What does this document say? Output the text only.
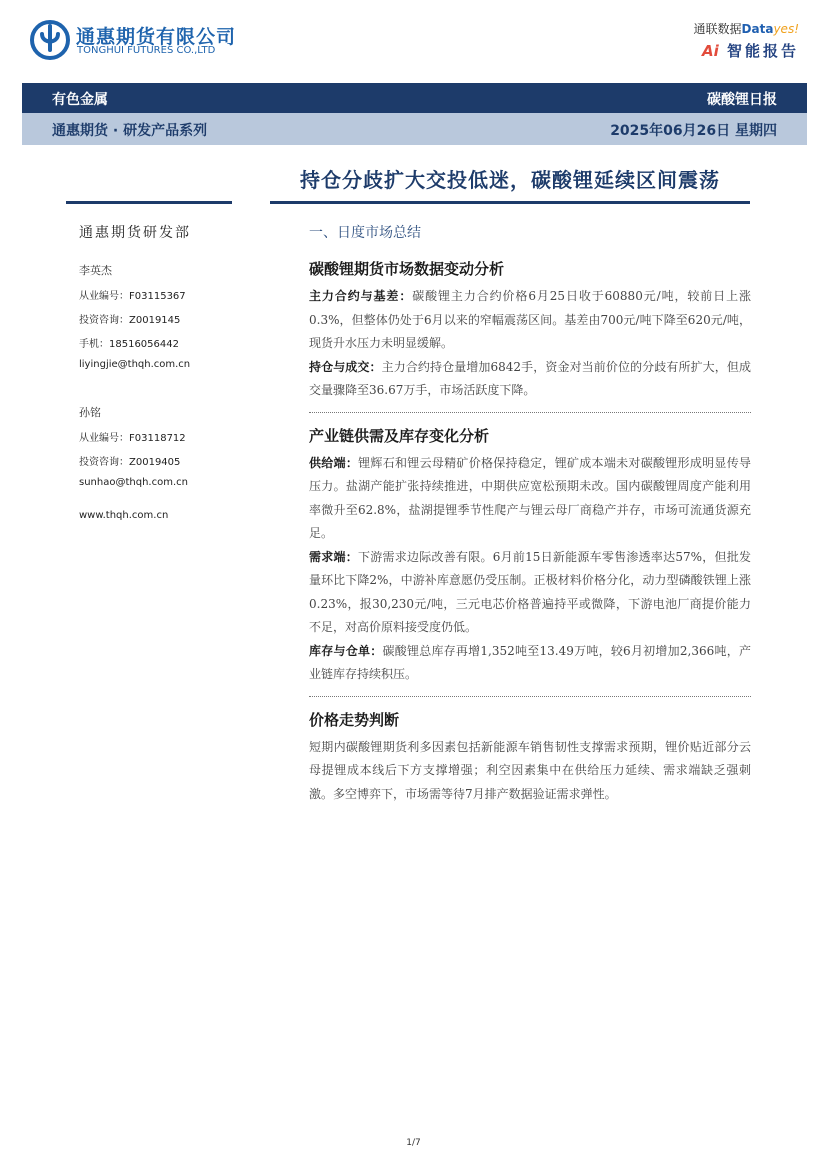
通惠期货有限公司
TONGHUI FUTURES CO.,LTD
通联数据Datayes!
Ai 智能报告
有色金属	碳酸锂日报
通惠期货 · 研发产品系列	2025年06月26日 星期四
持仓分歧扩大交投低迷，碳酸锂延续区间震荡
通惠期货研发部
李英杰
从业编号：F03115367
投资咨询：Z0019145
手机：18516056442
liyingjie@thqh.com.cn
孙铭
从业编号：F03118712
投资咨询：Z0019405
sunhao@thqh.com.cn
www.thqh.com.cn
一、日度市场总结
碳酸锂期货市场数据变动分析

主力合约与基差：碳酸锂主力合约价格6月25日收于60880元/吨，较前日上涨0.3%，但整体仍处于6月以来的窄幅震荡区间。基差由700元/吨下降至620元/吨，现货升水压力未明显缓解。

持仓与成交：主力合约持仓量增加6842手，资金对当前价位的分歧有所扩大，但成交量骤降至36.67万手，市场活跃度下降。

产业链供需及库存变化分析

供给端：锂辉石和锂云母精矿价格保持稳定，锂矿成本端未对碳酸锂形成明显传导压力。盐湖产能扩张持续推进，中期供应宽松预期未改。国内碳酸锂周度产能利用率微升至62.8%，盐湖提锂季节性爬产与锂云母厂商稳产并存，市场可流通货源充足。

需求端：下游需求边际改善有限。6月前15日新能源车零售渗透率达57%，但批发量环比下降2%，中游补库意愿仍受压制。正极材料价格分化，动力型磷酸铁锂上涨0.23%，报30,230元/吨，三元电芯价格普遍持平或微降，下游电池厂商提价能力不足，对高价原料接受度仍低。

库存与仓单：碳酸锂总库存再增1,352吨至13.49万吨，较6月初增加2,366吨，产业链库存持续积压。

价格走势判断

短期内碳酸锂期货利多因素包括新能源车销售韧性支撑需求预期，锂价贴近部分云母提锂成本线后下方支撑增强；利空因素集中在供给压力延续、需求端缺乏强刺激。多空博弈下，市场需等待7月排产数据验证需求弹性。

1/7
